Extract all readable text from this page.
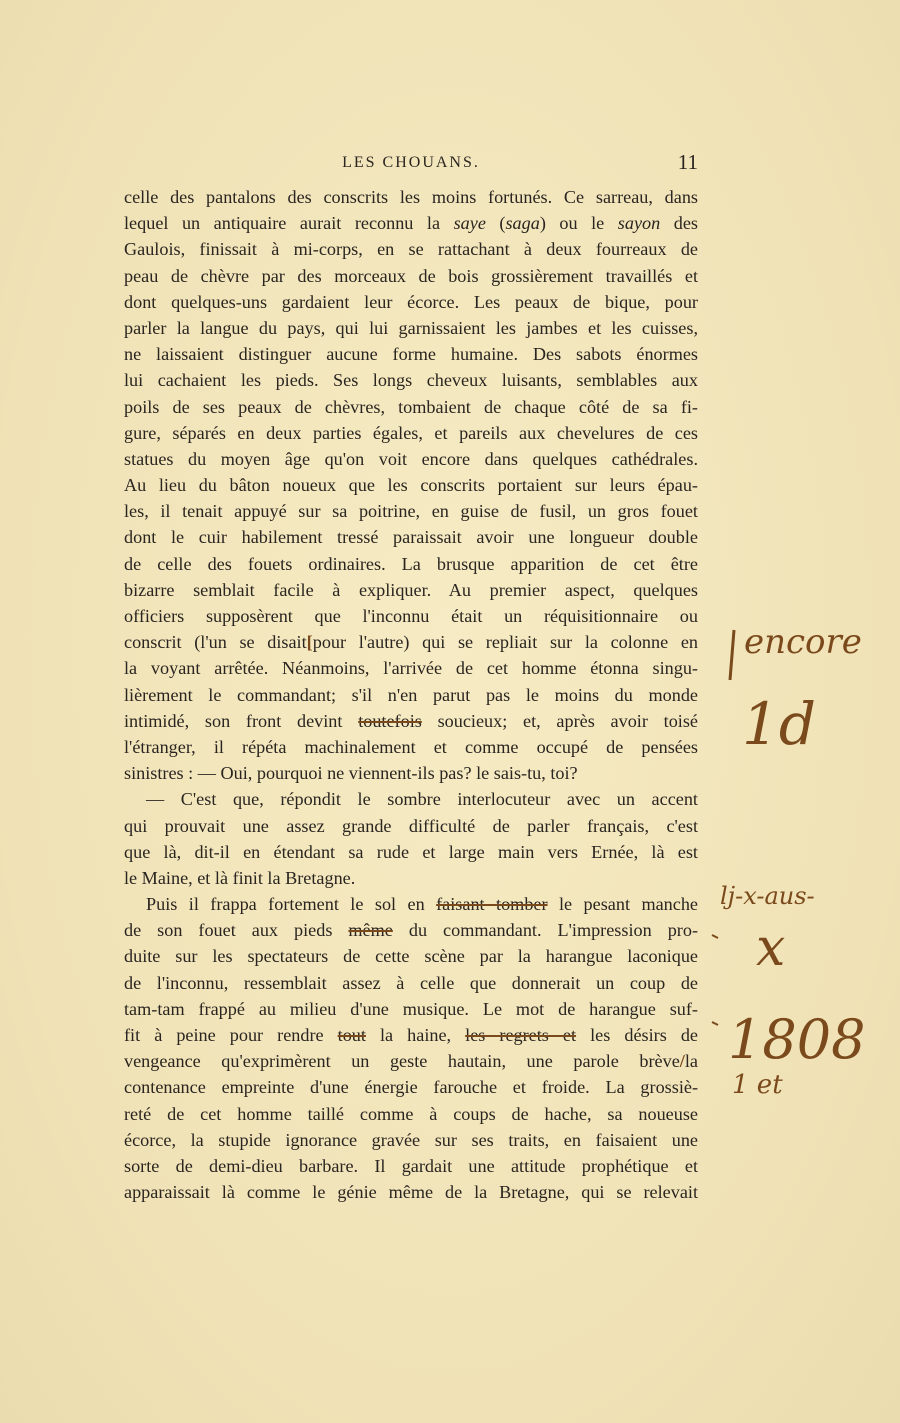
LES CHOUANS.	11
celle des pantalons des conscrits les moins fortunés. Ce sarreau, dans
lequel un antiquaire aurait reconnu la saye (saga) ou le sayon des
Gaulois, finissait à mi-corps, en se rattachant à deux fourreaux de
peau de chèvre par des morceaux de bois grossièrement travaillés et
dont quelques-uns gardaient leur écorce. Les peaux de bique, pour
parler la langue du pays, qui lui garnissaient les jambes et les cuisses,
ne laissaient distinguer aucune forme humaine. Des sabots énormes
lui cachaient les pieds. Ses longs cheveux luisants, semblables aux
poils de ses peaux de chèvres, tombaient de chaque côté de sa fi-
gure, séparés en deux parties égales, et pareils aux chevelures de ces
statues du moyen âge qu'on voit encore dans quelques cathédrales.
Au lieu du bâton noueux que les conscrits portaient sur leurs épau-
les, il tenait appuyé sur sa poitrine, en guise de fusil, un gros fouet
dont le cuir habilement tressé paraissait avoir une longueur double
de celle des fouets ordinaires. La brusque apparition de cet être
bizarre semblait facile à expliquer. Au premier aspect, quelques
officiers supposèrent que l'inconnu était un réquisitionnaire ou
conscrit (l'un se disait[pour l'autre) qui se repliait sur la colonne en
la voyant arrêtée. Néanmoins, l'arrivée de cet homme étonna singu-
lièrement le commandant; s'il n'en parut pas le moins du monde
intimidé, son front devint toutefois soucieux; et, après avoir toisé
l'étranger, il répéta machinalement et comme occupé de pensées
sinistres : — Oui, pourquoi ne viennent-ils pas? le sais-tu, toi?
— C'est que, répondit le sombre interlocuteur avec un accent
qui prouvait une assez grande difficulté de parler français, c'est
que là, dit-il en étendant sa rude et large main vers Ernée, là est
le Maine, et là finit la Bretagne.
Puis il frappa fortement le sol en faisant tomber le pesant manche
de son fouet aux pieds même du commandant. L'impression pro-
duite sur les spectateurs de cette scène par la harangue laconique
de l'inconnu, ressemblait assez à celle que donnerait un coup de
tam-tam frappé au milieu d'une musique. Le mot de harangue suf-
fit à peine pour rendre tout la haine, les regrets et les désirs de
vengeance qu'exprimèrent un geste hautain, une parole brève/la
contenance empreinte d'une énergie farouche et froide. La grossiè-
reté de cet homme taillé comme à coups de hache, sa noueuse
écorce, la stupide ignorance gravée sur ses traits, en faisaient une
sorte de demi-dieu barbare. Il gardait une attitude prophétique et
apparaissait là comme le génie même de la Bretagne, qui se relevait
encore
1d
lj-x-aus-
x
1808
1 et
